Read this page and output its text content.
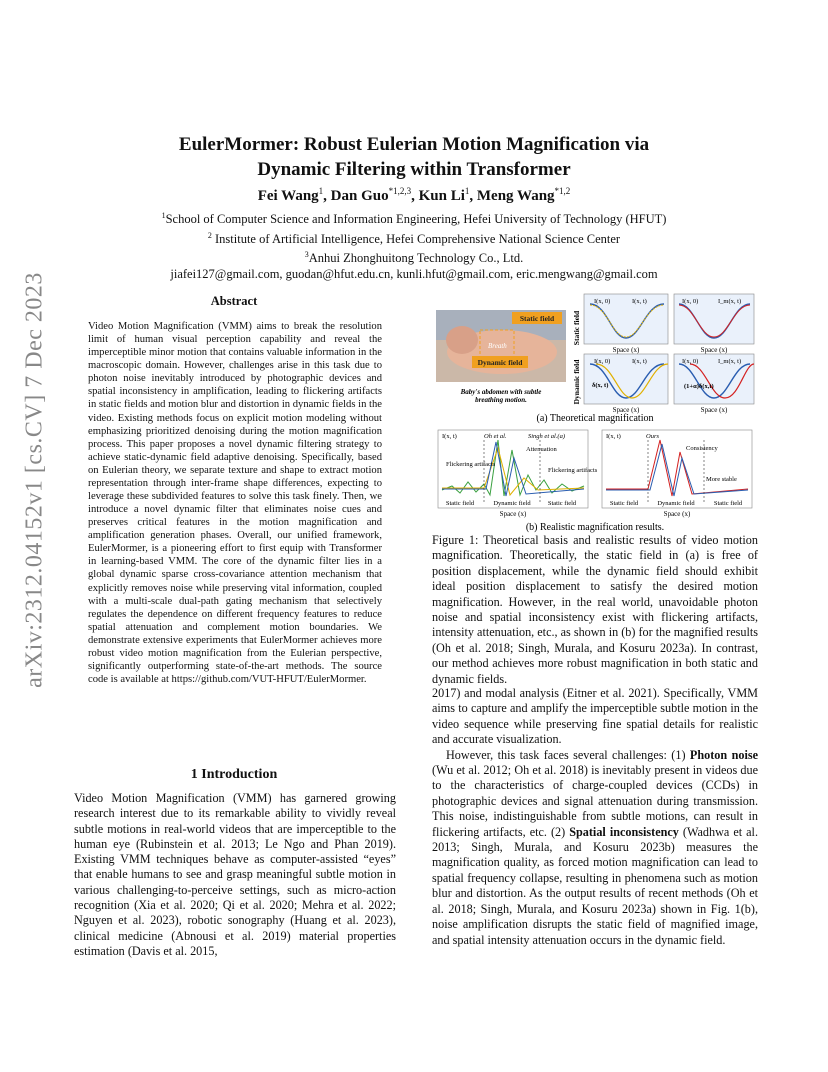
arXiv:2312.04152v1 [cs.CV] 7 Dec 2023
EulerMormer: Robust Eulerian Motion Magnification via
Dynamic Filtering within Transformer
Fei Wang$^1$, Dan Guo$^{*1,2,3}$, Kun Li$^1$, Meng Wang$^{*1,2}$
$^1$School of Computer Science and Information Engineering, Hefei University of Technology (HFUT)
$^2$ Institute of Artificial Intelligence, Hefei Comprehensive National Science Center
$^3$Anhui Zhonghuitong Technology Co., Ltd.
jiafei127@gmail.com, guodan@hfut.edu.cn, kunli.hfut@gmail.com, eric.mengwang@gmail.com
Abstract
Video Motion Magnification (VMM) aims to break the resolution limit of human visual perception capability and reveal the imperceptible minor motion that contains valuable information in the macroscopic domain. However, challenges arise in this task due to photon noise inevitably introduced by photographic devices and spatial inconsistency in amplification, leading to flickering artifacts in static fields and motion blur and distortion in dynamic fields in the video. Existing methods focus on explicit motion modeling without emphasizing prioritized denoising during the motion magnification process. This paper proposes a novel dynamic filtering strategy to achieve static-dynamic field adaptive denoising. Specifically, based on Eulerian theory, we separate texture and shape to extract motion representation through inter-frame shape differences, expecting to leverage these subdivided features to solve this task finely. Then, we introduce a novel dynamic filter that eliminates noise cues and preserves critical features in the motion magnification and amplification generation phases. Overall, our unified framework, EulerMormer, is a pioneering effort to first equip with Transformer in learning-based VMM. The core of the dynamic filter lies in a global dynamic sparse cross-covariance attention mechanism that explicitly removes noise while preserving vital information, coupled with a multi-scale dual-path gating mechanism that selectively regulates the dependence on different frequency features to reduce spatial attenuation and complement motion boundaries. We demonstrate extensive experiments that EulerMormer achieves more robust video motion magnification from the Eulerian perspective, significantly outperforming state-of-the-art methods. The source code is available at https://github.com/VUT-HFUT/EulerMormer.
1 Introduction
Video Motion Magnification (VMM) has garnered growing research interest due to its remarkable ability to vividly reveal subtle motions in real-world videos that are imperceptible to the human eye (Rubinstein et al. 2013; Le Ngo and Phan 2019). Existing VMM techniques behave as computer-assisted “eyes” that enable humans to see and grasp meaningful subtle motion in various challenging-to-perceive settings, such as micro-action recognition (Xia et al. 2020; Qi et al. 2020; Mehra et al. 2022; Nguyen et al. 2023), robotic sonography (Huang et al. 2023), clinical medicine (Abnousi et al. 2019) material properties estimation (Davis et al. 2015,
Static field
Breath
Dynamic field
Baby's abdomen with subtle
breathing motion.
Static field
Dynamic field
I(x, 0)	I(x, t)	I(x, 0)	I_m(x, t)
Space (x)	Space (x)
I(x, 0)	I(x, t)
δ(x, t)
I(x, 0)	I_m(x, t)
(1+α)δ(x,t)
Space (x)	Space (x)
(a) Theoretical magnification
I(x, t)	Oh et al.	Singh et al.(a)
Attenuation
Flickering artifacts
Flickering artifacts
Static field	Dynamic field	Static field
I(x, t)	Ours
Consistency
More stable
Static field	Dynamic field	Static field
Space (x)	Space (x)
(b) Realistic magnification results.
Figure 1: Theoretical basis and realistic results of video motion magnification. Theoretically, the static field in (a) is free of position displacement, while the dynamic field should exhibit ideal position displacement to satisfy the desired motion magnification. However, in the real world, unavoidable photon noise and spatial inconsistency exist with flickering artifacts, intensity attenuation, etc., as shown in (b) for the magnified results (Oh et al. 2018; Singh, Murala, and Kosuru 2023a). In contrast, our method achieves more robust magnification in both static and dynamic fields.

2017) and modal analysis (Eitner et al. 2021). Specifically, VMM aims to capture and amplify the imperceptible subtle motion in the video sequence while preserving fine spatial details for realistic and accurate visualization.

However, this task faces several challenges: (1) Photon noise (Wu et al. 2012; Oh et al. 2018) is inevitably present in videos due to the characteristics of charge-coupled devices (CCDs) in photographic devices and signal attenuation during transmission. This noise, indistinguishable from subtle motions, can result in flickering artifacts, etc. (2) Spatial inconsistency (Wadhwa et al. 2013; Singh, Murala, and Kosuru 2023b) measures the magnification quality, as forced motion magnification can lead to spatial frequency collapse, resulting in phenomena such as motion blur and distortion. As the output results of recent methods (Oh et al. 2018; Singh, Murala, and Kosuru 2023a) shown in Fig. 1(b), noise amplification disrupts the static field of magnified image, and spatial intensity attenuation occurs in the dynamic field.
